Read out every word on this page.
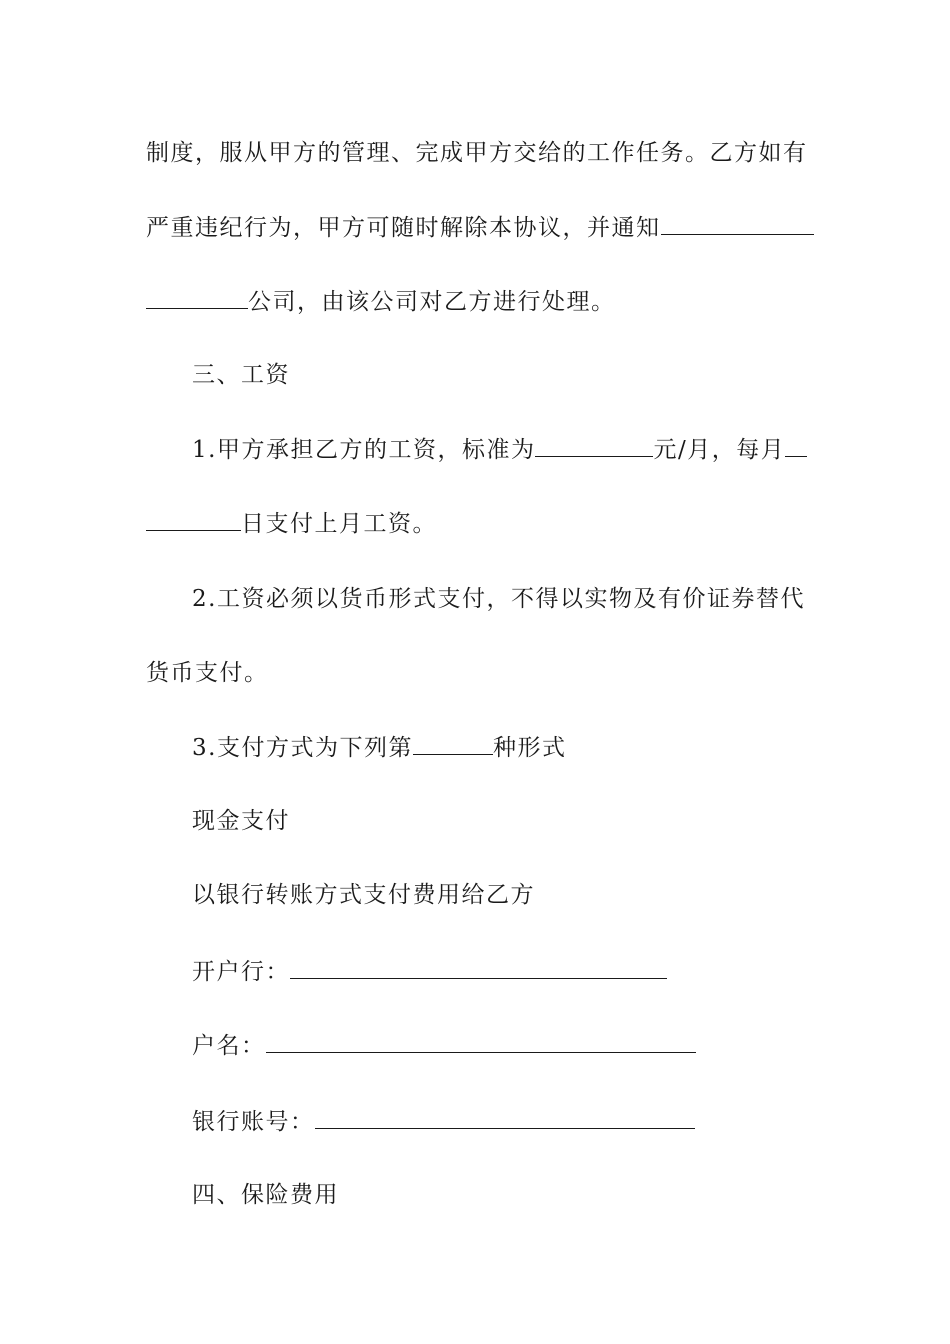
制度，服从甲方的管理、完成甲方交给的工作任务。乙方如有
严重违纪行为，甲方可随时解除本协议，并通知
公司，由该公司对乙方进行处理。
三、工资
1.甲方承担乙方的工资，标准为	元/月，每月
日支付上月工资。
2.工资必须以货币形式支付，不得以实物及有价证券替代
货币支付。
3.支付方式为下列第	种形式
现金支付
以银行转账方式支付费用给乙方
开户行：
户名：
银行账号：
四、保险费用
